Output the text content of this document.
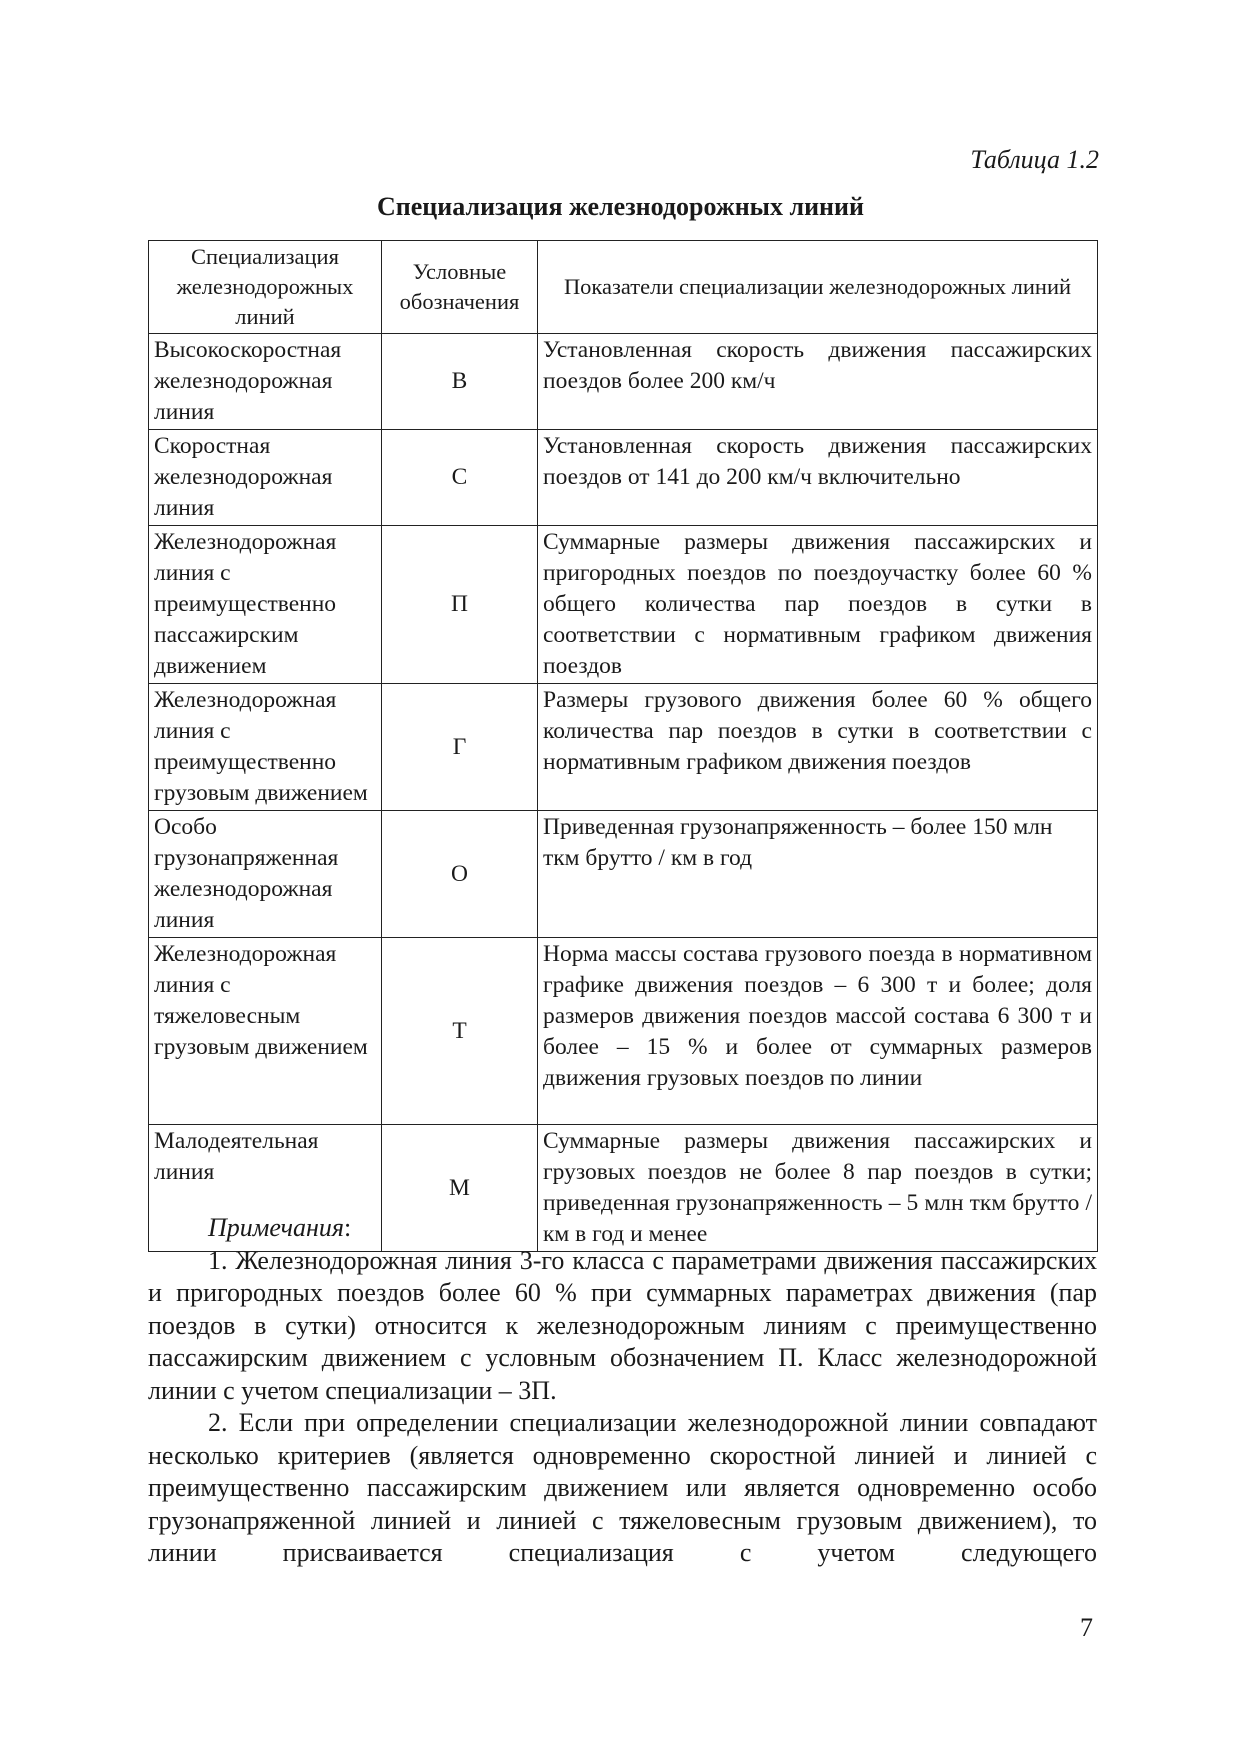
Таблица 1.2
Специализация железнодорожных линий
Специализация железнодорожных линий	Условные обозначения	Показатели специализации железнодорожных линий
Высокоскоростная железнодорожная линия	В	Установленная скорость движения пассажирских поездов более 200 км/ч
Скоростная железнодорожная линия	С	Установленная скорость движения пассажирских поездов от 141 до 200 км/ч включительно
Железнодорожная линия с преимущественно пассажирским движением	П	Суммарные размеры движения пассажирских и пригородных поездов по поездоучастку более 60 % общего количества пар поездов в сутки в соответствии с нормативным графиком движения поездов
Железнодорожная линия с преимущественно грузовым движением	Г	Размеры грузового движения более 60 % общего количества пар поездов в сутки в соответствии с нормативным графиком движения поездов
Особо грузонапряженная железнодорожная линия	О	Приведенная грузонапряженность – более 150 млн ткм брутто / км в год
Железнодорожная линия с тяжеловесным грузовым движением	Т	Норма массы состава грузового поезда в нормативном графике движения поездов – 6 300 т и более; доля размеров движения поездов массой состава 6 300 т и более – 15 % и более от суммарных размеров движения грузовых поездов по линии
Малодеятельная линия	М	Суммарные размеры движения пассажирских и грузовых поездов не более 8 пар поездов в сутки; приведенная грузонапряженность – 5 млн ткм брутто / км в год и менее

Примечания:

1. Железнодорожная линия 3-го класса с параметрами движения пассажирских и пригородных поездов более 60 % при суммарных параметрах движения (пар поездов в сутки) относится к железнодорожным линиям с преимущественно пассажирским движением с условным обозначением П. Класс железнодорожной линии с учетом специализации – 3П.

2. Если при определении специализации железнодорожной линии совпадают несколько критериев (является одновременно скоростной линией и линией с преимущественно пассажирским движением или является одновременно особо грузонапряженной линией и линией с тяжеловесным грузовым движением), то линии присваивается специализация с учетом следующего

7
